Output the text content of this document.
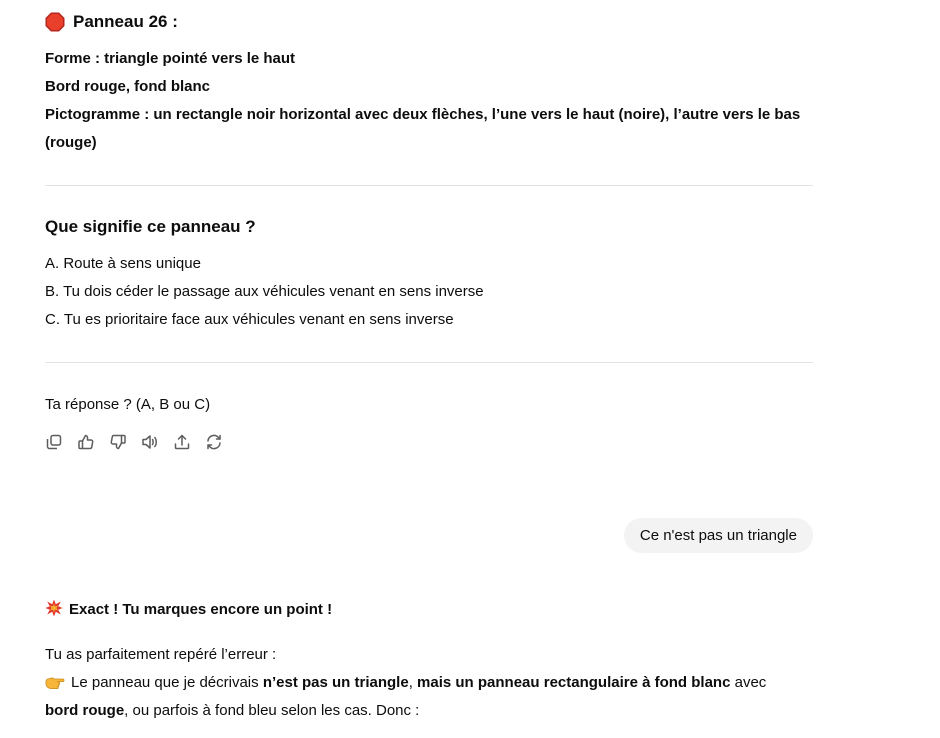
Panneau 26 :
Forme : triangle pointé vers le haut
Bord rouge, fond blanc
Pictogramme : un rectangle noir horizontal avec deux flèches, l’une vers le haut (noire), l’autre vers le bas
(rouge)
Que signifie ce panneau ?
A. Route à sens unique
B. Tu dois céder le passage aux véhicules venant en sens inverse
C. Tu es prioritaire face aux véhicules venant en sens inverse
Ta réponse ? (A, B ou C)
Exact ! Tu marques encore un point !
Tu as parfaitement repéré l’erreur :
Le panneau que je décrivais n’est pas un triangle, mais un panneau rectangulaire à fond blanc avec
bord rouge, ou parfois à fond bleu selon les cas. Donc :
Ce n'est pas un triangle
